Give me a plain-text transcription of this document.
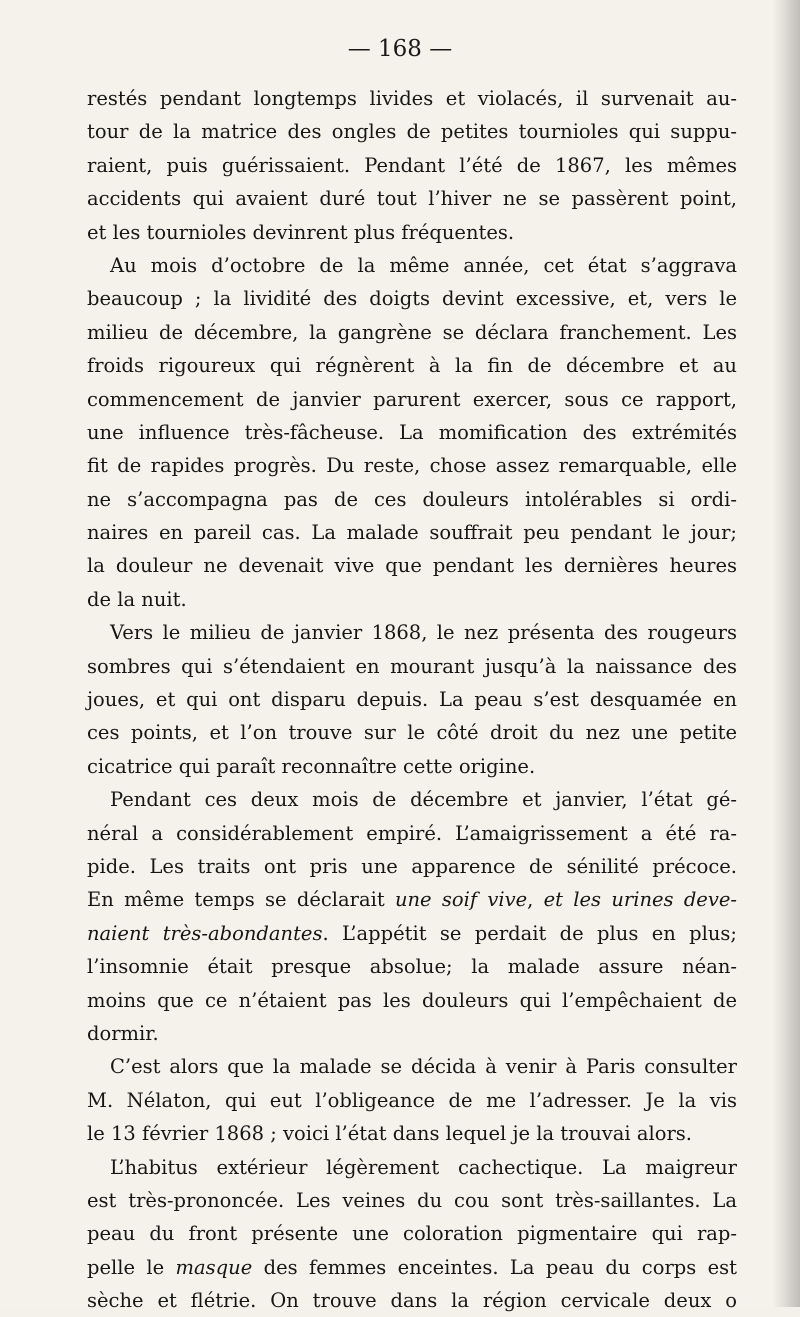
— 168 —
restés pendant longtemps livides et violacés, il survenait au-
tour de la matrice des ongles de petites tournioles qui suppu-
raient, puis guérissaient. Pendant l’été de 1867, les mêmes
accidents qui avaient duré tout l’hiver ne se passèrent point,
et les tournioles devinrent plus fréquentes.
Au mois d’octobre de la même année, cet état s’aggrava
beaucoup ; la lividité des doigts devint excessive, et, vers le
milieu de décembre, la gangrène se déclara franchement. Les
froids rigoureux qui régnèrent à la fin de décembre et au
commencement de janvier parurent exercer, sous ce rapport,
une influence très-fâcheuse. La momification des extrémités
fit de rapides progrès. Du reste, chose assez remarquable, elle
ne s’accompagna pas de ces douleurs intolérables si ordi-
naires en pareil cas. La malade souffrait peu pendant le jour;
la douleur ne devenait vive que pendant les dernières heures
de la nuit.
Vers le milieu de janvier 1868, le nez présenta des rougeurs
sombres qui s’étendaient en mourant jusqu’à la naissance des
joues, et qui ont disparu depuis. La peau s’est desquamée en
ces points, et l’on trouve sur le côté droit du nez une petite
cicatrice qui paraît reconnaître cette origine.
Pendant ces deux mois de décembre et janvier, l’état gé-
néral a considérablement empiré. L’amaigrissement a été ra-
pide. Les traits ont pris une apparence de sénilité précoce.
En même temps se déclarait une soif vive, et les urines deve-
naient très-abondantes. L’appétit se perdait de plus en plus;
l’insomnie était presque absolue; la malade assure néan-
moins que ce n’étaient pas les douleurs qui l’empêchaient de
dormir.
C’est alors que la malade se décida à venir à Paris consulter
M. Nélaton, qui eut l’obligeance de me l’adresser. Je la vis
le 13 février 1868 ; voici l’état dans lequel je la trouvai alors.
L’habitus extérieur légèrement cachectique. La maigreur
est très-prononcée. Les veines du cou sont très-saillantes. La
peau du front présente une coloration pigmentaire qui rap-
pelle le masque des femmes enceintes. La peau du corps est
sèche et flétrie. On trouve dans la région cervicale deux o
